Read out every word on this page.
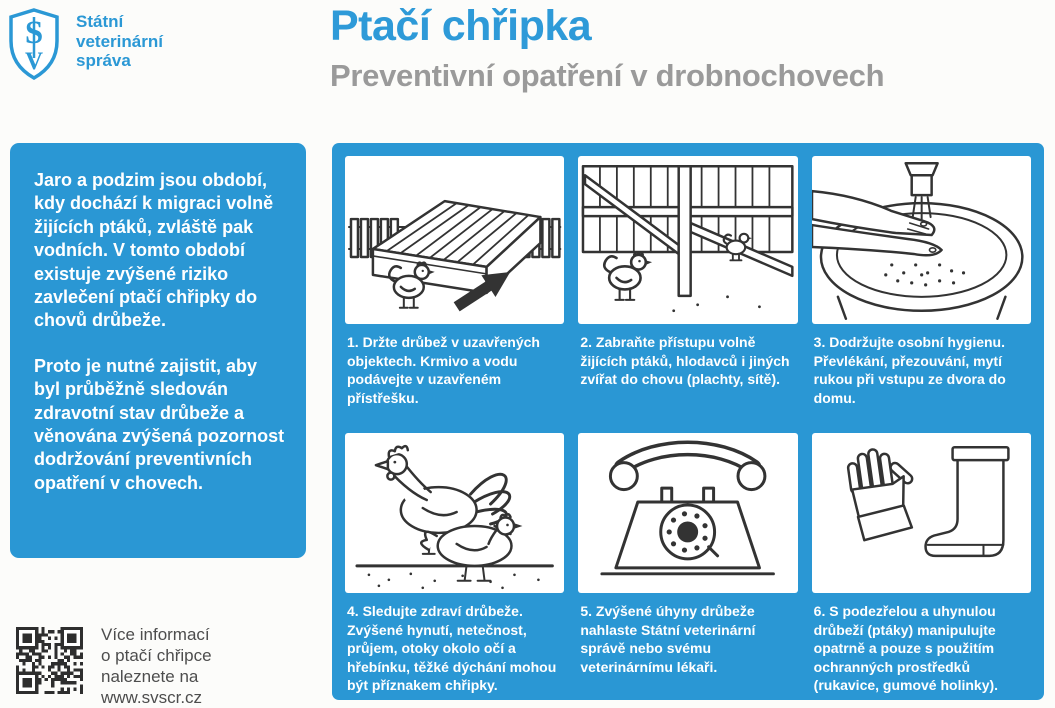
S
V
Státní
veterinární
správa
Ptačí chřipka
Preventivní opatření v drobnochovech

Jaro a podzim jsou období, kdy dochází k migraci volně žijících ptáků, zvláště pak vodních. V tomto období existuje zvýšené riziko zavlečení ptačí chřipky do chovů drůbeže.

Proto je nutné zajistit, aby byl průběžně sledován zdravotní stav drůbeže a věnována zvýšená pozornost dodržování preventivních opatření v chovech.

1. Držte drůbež v uzavřených objektech. Krmivo a vodu podávejte v uzavřeném přístřešku.
2. Zabraňte přístupu volně žijících ptáků, hlodavců i jiných zvířat do chovu (plachty, sítě).
3. Dodržujte osobní hygienu. Převlékání, přezouvání, mytí rukou při vstupu ze dvora do domu.
4. Sledujte zdraví drůbeže. Zvýšené hynutí, netečnost, průjem, otoky okolo očí a hřebínku, těžké dýchání mohou být příznakem chřipky.
5. Zvýšené úhyny drůbeže nahlaste Státní veterinární správě nebo svému veterinárnímu lékaři.
6. S podezřelou a uhynulou drůbeží (ptáky) manipulujte opatrně a pouze s použitím ochranných prostředků (rukavice, gumové holinky).
Více informací
o ptačí chřipce
naleznete na
www.svscr.cz
